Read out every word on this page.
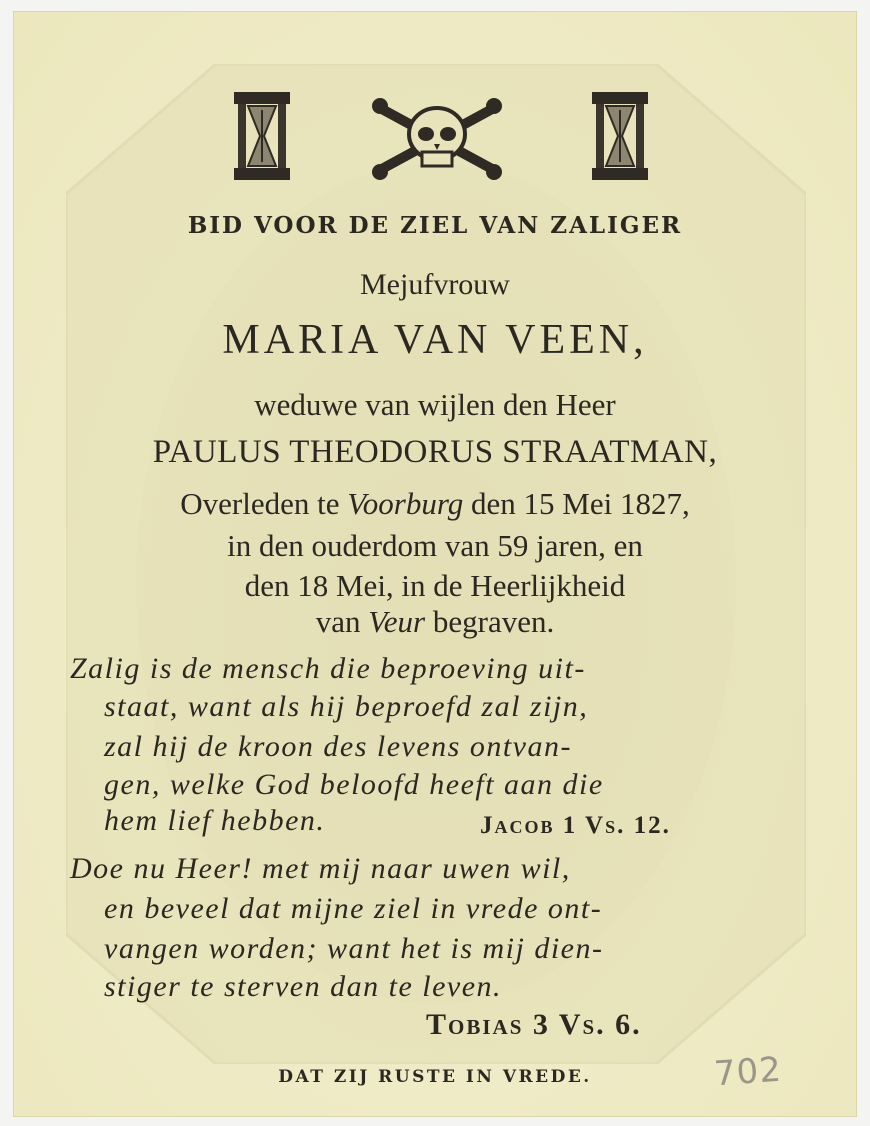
BID VOOR DE ZIEL VAN ZALIGER
Mejufvrouw
MARIA VAN VEEN,
weduwe van wijlen den Heer
PAULUS THEODORUS STRAATMAN,
Overleden te Voorburg den 15 Mei 1827,
in den ouderdom van 59 jaren, en
den 18 Mei, in de Heerlijkheid
van Veur begraven.
Zalig is de mensch die beproeving uit-
staat, want als hij beproefd zal zijn,
zal hij de kroon des levens ontvan-
gen, welke God beloofd heeft aan die
hem lief hebben.	Jacob 1 Vs. 12.
Doe nu Heer! met mij naar uwen wil,
en beveel dat mijne ziel in vrede ont-
vangen worden; want het is mij dien-
stiger te sterven dan te leven.
Tobias 3 Vs. 6.
DAT ZIJ RUSTE IN VREDE.	702
